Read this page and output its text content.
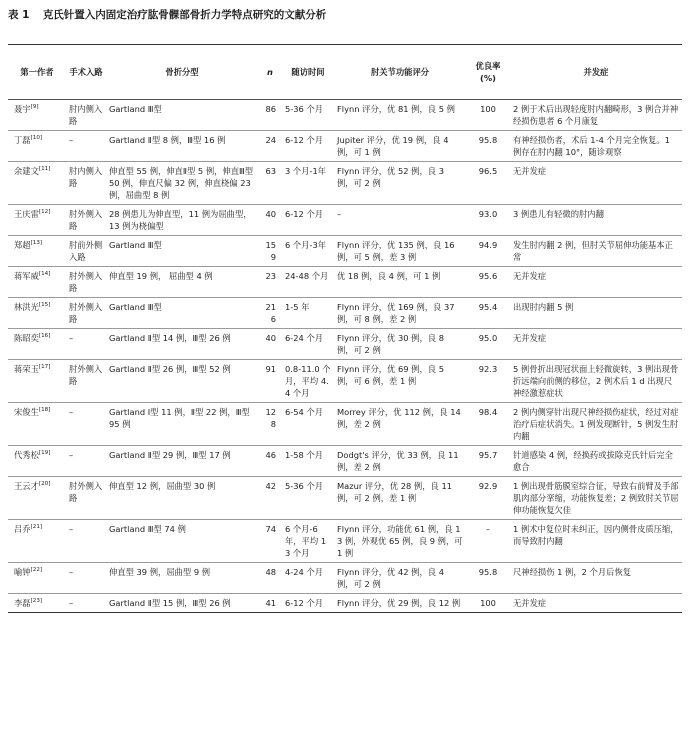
表 1 克氏针置入内固定治疗肱骨髁部骨折力学特点研究的文献分析
第一作者	手术入路	骨折分型	n	随访时间	肘关节功能评分	优良率(%)	并发症
聂宇[9]	肘内侧入路	Gartland Ⅲ型	86	5-36 个月	Flynn 评分，优 81 例，良 5 例	100	2 例于术后出现轻度肘内翻畸形，3 例合并神经损伤患者 6 个月康复
丁磊[10]	–	Gartland Ⅱ型 8 例，Ⅲ型 16 例	24	6-12 个月	Jupiter 评分，优 19 例，良 4 例，可 1 例	95.8	有神经损伤者，术后 1-4 个月完全恢复。1 例存在肘内翻 10°，随诊观察
余建文[11]	肘内侧入路	伸直型 55 例，伸直Ⅱ型 5 例，伸直Ⅲ型 50 例，伸直尺偏 32 例，伸直桡偏 23 例，屈曲型 8 例	63	3 个月-1年	Flynn 评分，优 52 例，良 3 例，可 2 例	96.5	无并发症
王庆雷[12]	肘外侧入路	28 例患儿为伸直型，11 例为屈曲型，13 例为桡偏型	40	6-12 个月	–	93.0	3 例患儿有轻微的肘内翻
郑超[13]	肘前外侧入路	Gartland Ⅲ型	159	6 个月-3年	Flynn 评分，优 135 例，良 16 例，可 5 例，差 3 例	94.9	发生肘内翻 2 例，但肘关节屈伸功能基本正常
蒋军威[14]	肘外侧入路	伸直型 19 例， 屈曲型 4 例	23	24-48 个月	优 18 例，良 4 例，可 1 例	95.6	无并发症
林洪光[15]	肘外侧入路	Gartland Ⅲ型	216	1-5 年	Flynn 评分，优 169 例，良 37 例，可 8 例，差 2 例	95.4	出现肘内翻 5 例
陈昭奕[16]	–	Gartland Ⅱ型 14 例，Ⅲ型 26 例	40	6-24 个月	Flynn 评分，优 30 例，良 8 例，可 2 例	95.0	无并发症
蒋荣玉[17]	肘外侧入路	Gartland Ⅱ型 26 例，Ⅲ型 52 例	91	0.8-11.0 个月，平均 4.4 个月	Flynn 评分，优 69 例，良 5 例，可 6 例，差 1 例	92.3	5 例骨折出现冠状面上轻微旋转，3 例出现骨折远端向前侧的移位，2 例术后 1 d 出现尺神经激惹症状
宋俊生[18]	–	Gartland Ⅰ型 11 例，Ⅱ型 22 例，Ⅲ型 95 例	128	6-54 个月	Morrey 评分，优 112 例，良 14 例，差 2 例	98.4	2 例内侧穿针出现尺神经损伤症状，经过对症治疗后症状消失。1 例发现断针，5 例发生肘内翻
代秀松[19]	–	Gartland Ⅱ型 29 例，Ⅲ型 17 例	46	1-58 个月	Dodgt's 评分，优 33 例，良 11 例，差 2 例	95.7	针道感染 4 例，经换药或拔除克氏针后完全愈合
王云才[20]	肘外侧入路	伸直型 12 例，屈曲型 30 例	42	5-36 个月	Mazur 评分，优 28 例，良 11 例，可 2 例，差 1 例	92.9	1 例出现骨筋膜室综合征，导致右前臂及手部肌肉部分挛缩，功能恢复差；2 例致肘关节屈伸功能恢复欠佳
吕乔[21]	–	Gartland Ⅲ型 74 例	74	6 个月-6 年，平均 13 个月	Flynn 评分，功能优 61 例，良 13 例，外观优 65 例，良 9 例，可 1 例	–	1 例术中复位时未纠正，因内侧骨皮质压缩，而导致肘内翻
喻钟[22]	–	伸直型 39 例，屈曲型 9 例	48	4-24 个月	Flynn 评分，优 42 例，良 4 例，可 2 例	95.8	尺神经损伤 1 例，2 个月后恢复
李磊[23]	–	Gartland Ⅱ型 15 例，Ⅲ型 26 例	41	6-12 个月	Flynn 评分，优 29 例，良 12 例	100	无并发症
